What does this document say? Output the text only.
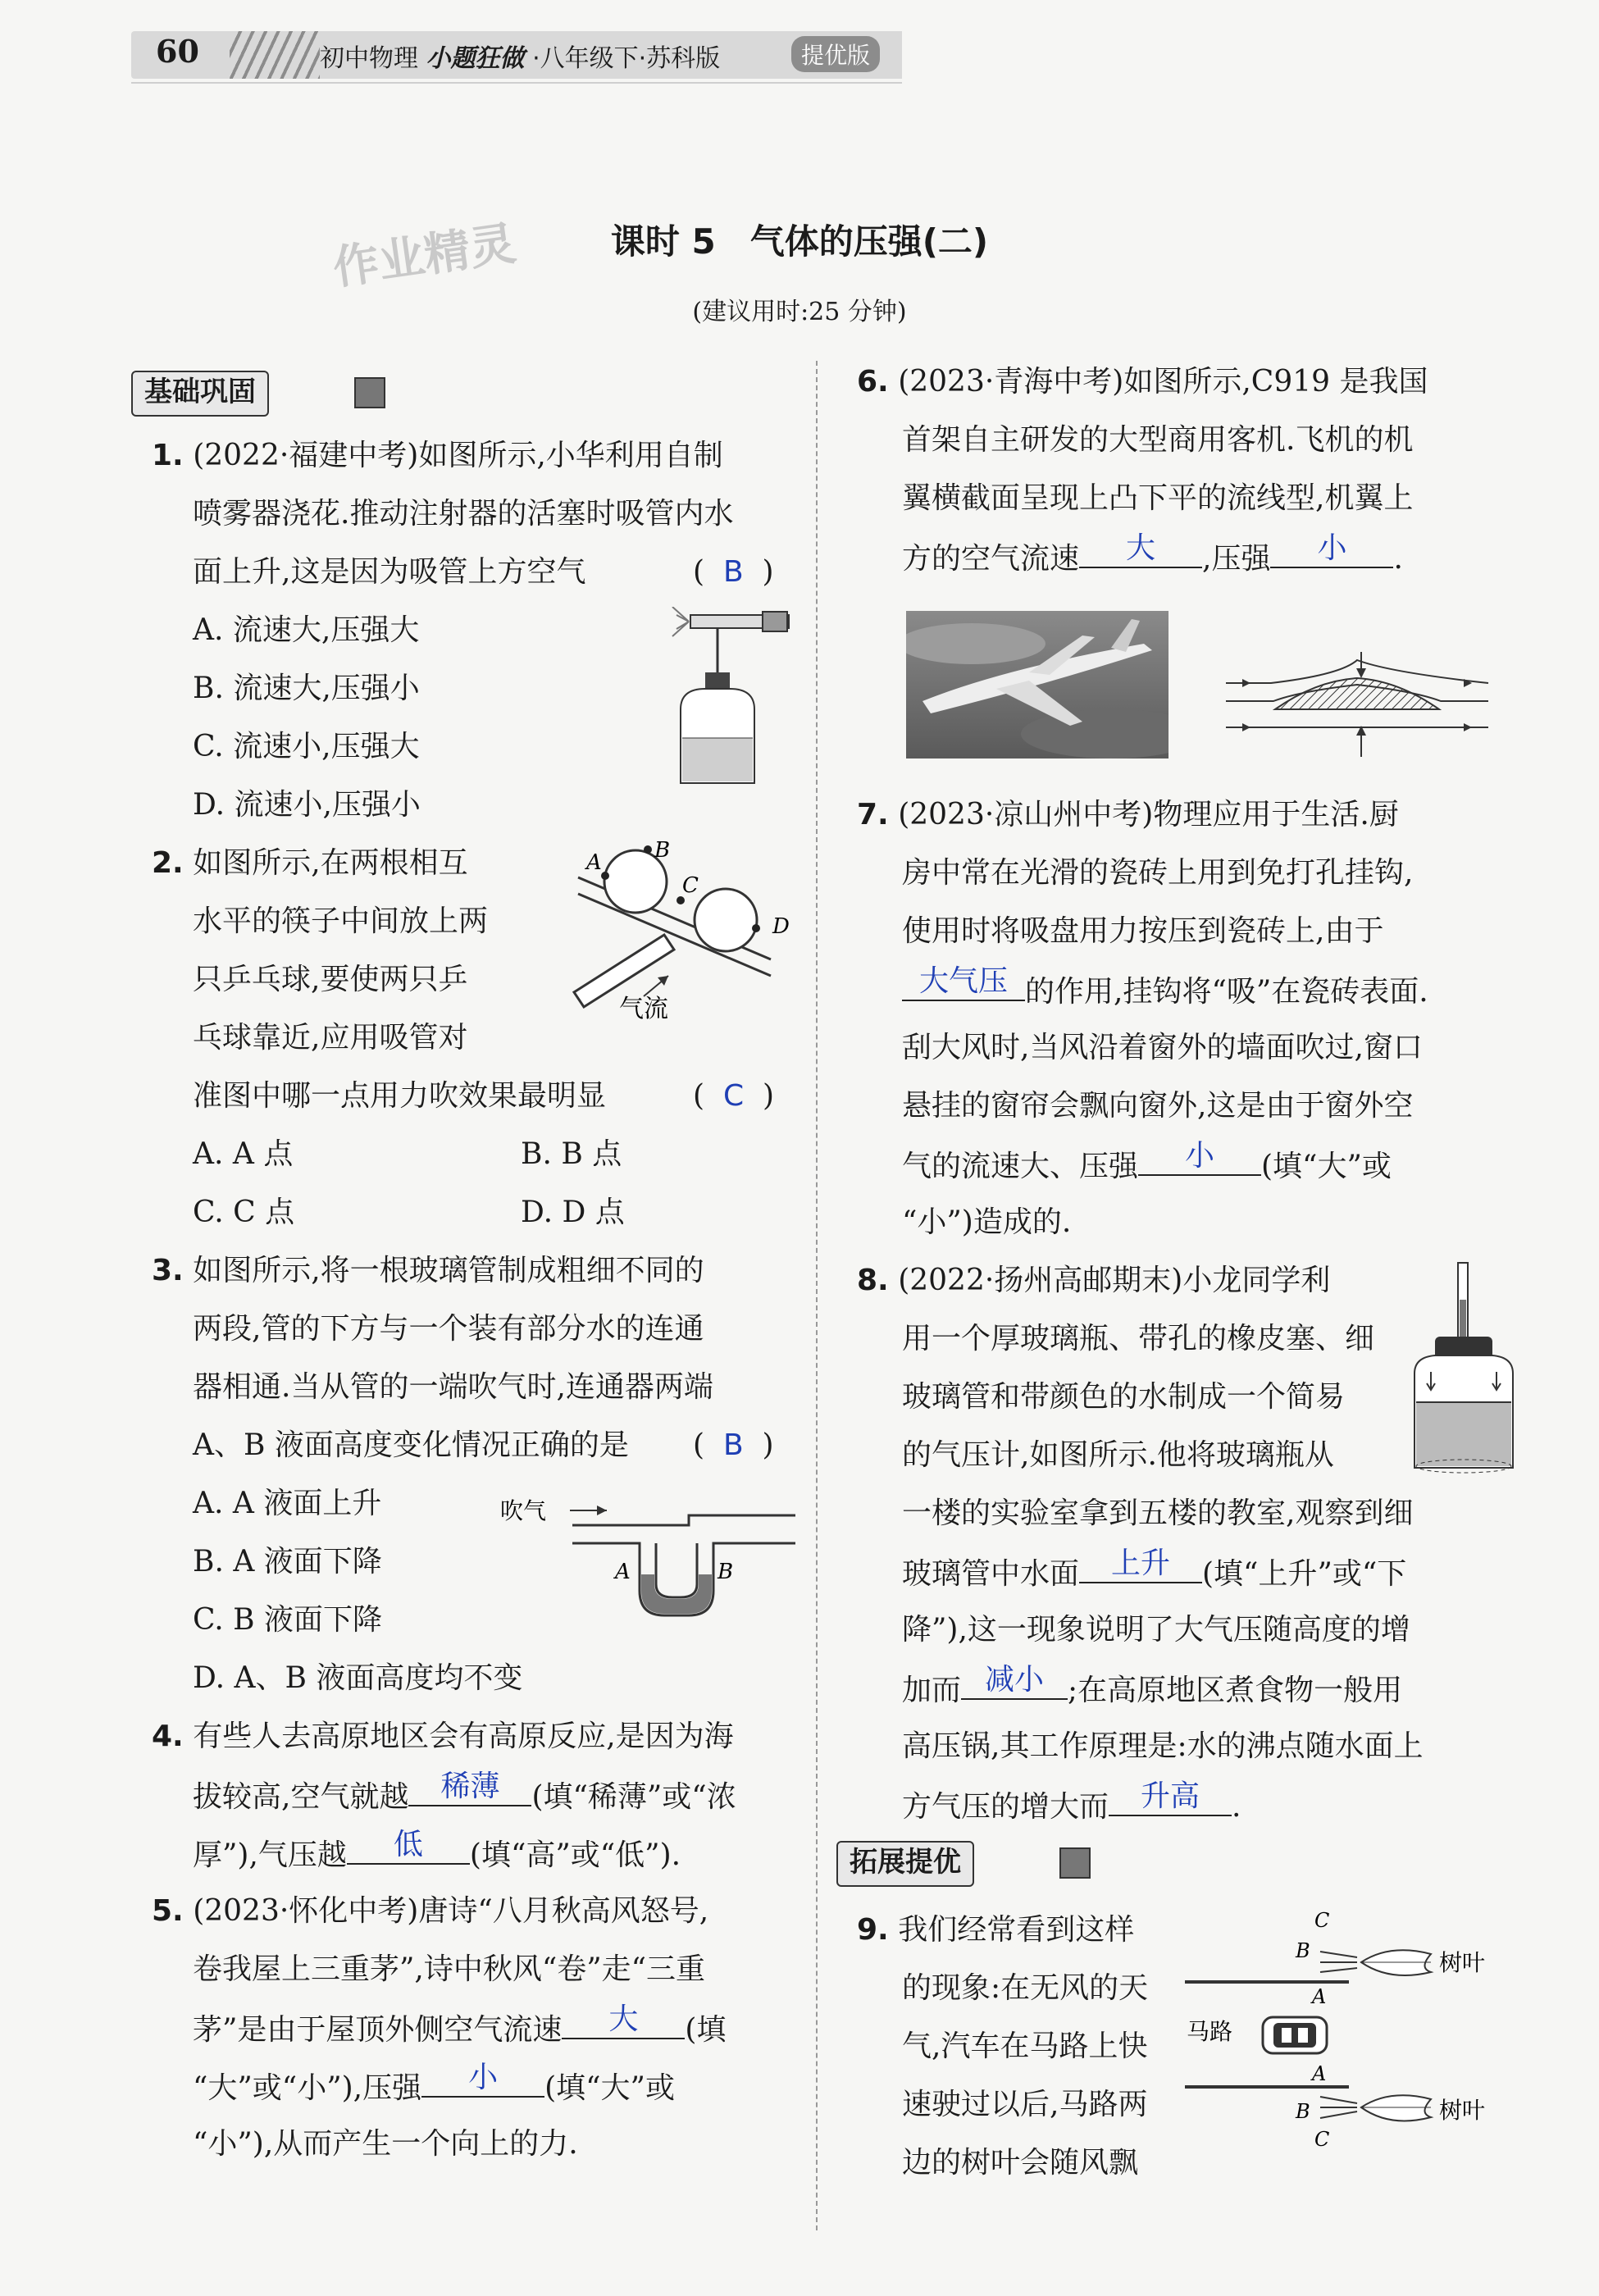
60	初中物理 小题狂做 ·八年级下·苏科版	提优版
作业精灵	课时 5　气体的压强(二)
(建议用时:25 分钟)
基础巩固
1. (2022·福建中考)如图所示,小华利用自制
喷雾器浇花.推动注射器的活塞时吸管内水
面上升,这是因为吸管上方空气	(  B  )
A. 流速大,压强大
B. 流速大,压强小
C. 流速小,压强大
D. 流速小,压强小
2. 如图所示,在两根相互
水平的筷子中间放上两
只乒乓球,要使两只乒
乓球靠近,应用吸管对
准图中哪一点用力吹效果最明显	(  C  )
A. A 点	B. B 点
C. C 点	D. D 点
A B
C
D
气流
3. 如图所示,将一根玻璃管制成粗细不同的
两段,管的下方与一个装有部分水的连通
器相通.当从管的一端吹气时,连通器两端
A、B 液面高度变化情况正确的是 (  B  )
A. A 液面上升
B. A 液面下降
C. B 液面下降
D. A、B 液面高度均不变
吹气
A	B
4. 有些人去高原地区会有高原反应,是因为海
拔较高,空气就越	稀薄	(填“稀薄”或“浓
厚”),气压越	低	(填“高”或“低”).
5. (2023·怀化中考)唐诗“八月秋高风怒号,
卷我屋上三重茅”,诗中秋风“卷”走“三重
茅”是由于屋顶外侧空气流速	大	(填
“大”或“小”),压强	小	(填“大”或
“小”),从而产生一个向上的力.
6. (2023·青海中考)如图所示,C919 是我国
首架自主研发的大型商用客机.飞机的机
翼横截面呈现上凸下平的流线型,机翼上
方的空气流速	大	,压强	小	.
7. (2023·凉山州中考)物理应用于生活.厨
房中常在光滑的瓷砖上用到免打孔挂钩,
使用时将吸盘用力按压到瓷砖上,由于
大气压 的作用,挂钩将“吸”在瓷砖表面.
刮大风时,当风沿着窗外的墙面吹过,窗口
悬挂的窗帘会飘向窗外,这是由于窗外空
气的流速大、压强	小	(填“大”或
“小”)造成的.
8. (2022·扬州高邮期末)小龙同学利
用一个厚玻璃瓶、带孔的橡皮塞、细
玻璃管和带颜色的水制成一个简易
的气压计,如图所示.他将玻璃瓶从
一楼的实验室拿到五楼的教室,观察到细
玻璃管中水面	上升	(填“上升”或“下
降”),这一现象说明了大气压随高度的增
加而 减小 ;在高原地区煮食物一般用
高压锅,其工作原理是:水的沸点随水面上
方气压的增大而	升高	.
拓展提优
9. 我们经常看到这样
的现象:在无风的天
气,汽车在马路上快
速驶过以后,马路两
边的树叶会随风飘
马路
C
B
A
树叶
A
B
C
树叶
